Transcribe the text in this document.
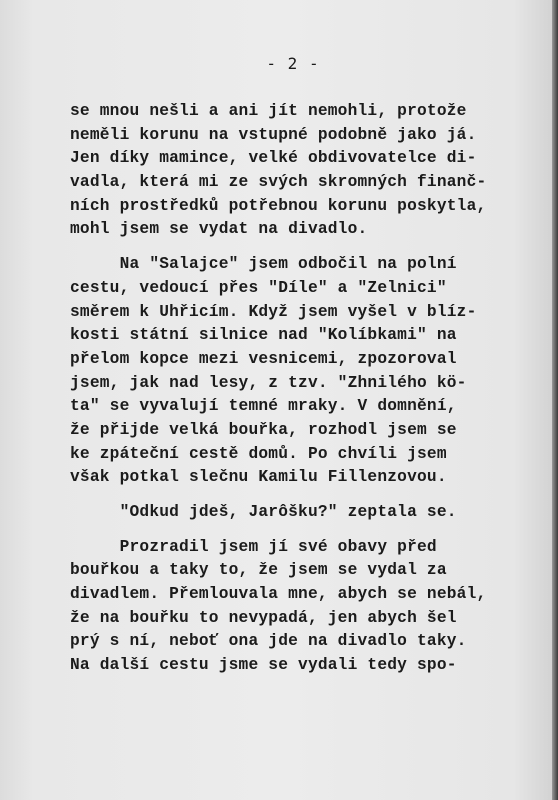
- 2 -
se mnou nešli a ani jít nemohli, protože
neměli korunu na vstupné podobně jako já.
Jen díky mamince, velké obdivovatelce di-
vadla, která mi ze svých skromných finanč-
ních prostředků potřebnou korunu poskytla,
mohl jsem se vydat na divadlo.
Na "Salajce" jsem odbočil na polní
cestu, vedoucí přes "Díle" a "Zelnici"
směrem k Uhřicím. Když jsem vyšel v blíz-
kosti státní silnice nad "Kolíbkami" na
přelom kopce mezi vesnicemi, zpozoroval
jsem, jak nad lesy, z tzv. "Zhnilého kö-
ta" se vyvalují temné mraky. V domnění,
že přijde velká bouřka, rozhodl jsem se
ke zpáteční cestě domů. Po chvíli jsem
však potkal slečnu Kamilu Fillenzovou.
"Odkud jdeš, Jarôšku?" zeptala se.
Prozradil jsem jí své obavy před
bouřkou a taky to, že jsem se vydal za
divadlem. Přemlouvala mne, abych se nebál,
že na bouřku to nevypadá, jen abych šel
prý s ní, neboť ona jde na divadlo taky.
Na další cestu jsme se vydali tedy spo-
